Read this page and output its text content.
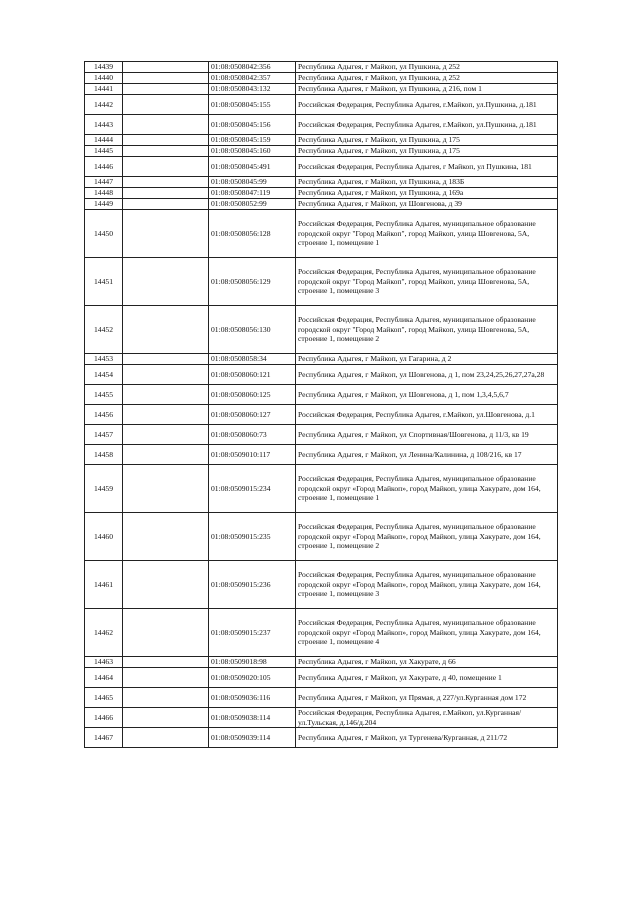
14439		01:08:0508042:356	Республика Адыгея, г Майкоп, ул Пушкина, д 252
14440		01:08:0508042:357	Республика Адыгея, г Майкоп, ул Пушкина, д 252
14441		01:08:0508043:132	Республика Адыгея, г Майкоп, ул Пушкина, д 216, пом 1
14442		01:08:0508045:155	Российская Федерация, Республика Адыгея, г.Майкоп, ул.Пушкина, д.181
14443		01:08:0508045:156	Российская Федерация, Республика Адыгея, г.Майкоп, ул.Пушкина, д.181
14444		01:08:0508045:159	Республика Адыгея, г Майкоп, ул Пушкина, д 175
14445		01:08:0508045:160	Республика Адыгея, г Майкоп, ул Пушкина, д 175
14446		01:08:0508045:491	Российская Федерация, Республика Адыгея, г Майкоп, ул Пушкина, 181
14447		01:08:0508045:99	Республика Адыгея, г Майкоп, ул Пушкина, д 183Б
14448		01:08:0508047:119	Республика Адыгея, г Майкоп, ул Пушкина, д 169а
14449		01:08:0508052:99	Республика Адыгея, г Майкоп, ул Шовгенова, д 39
14450		01:08:0508056:128	Российская Федерация, Республика Адыгея, муниципальное образование городской округ "Город Майкоп", город Майкоп, улица Шовгенова, 5А, строение 1, помещение 1
14451		01:08:0508056:129	Российская Федерация, Республика Адыгея, муниципальное образование городской округ "Город Майкоп", город Майкоп, улица Шовгенова, 5А, строение 1, помещение 3
14452		01:08:0508056:130	Российская Федерация, Республика Адыгея, муниципальное образование городской округ "Город Майкоп", город Майкоп, улица Шовгенова, 5А, строение 1, помещение 2
14453		01:08:0508058:34	Республика Адыгея, г Майкоп, ул Гагарина, д 2
14454		01:08:0508060:121	Республика Адыгея, г Майкоп, ул Шовгенова, д 1, пом 23,24,25,26,27,27а,28
14455		01:08:0508060:125	Республика Адыгея, г Майкоп, ул Шовгенова, д 1, пом 1,3,4,5,6,7
14456		01:08:0508060:127	Российская Федерация, Республика Адыгея, г.Майкоп, ул.Шовгенова, д.1
14457		01:08:0508060:73	Республика Адыгея, г Майкоп, ул Спортивная/Шовгенова, д 11/3, кв 19
14458		01:08:0509010:117	Республика Адыгея, г Майкоп, ул Ленина/Калинина, д 108/216, кв 17
14459		01:08:0509015:234	Российская Федерация, Республика Адыгея, муниципальное образование городской округ «Город Майкоп», город Майкоп, улица Хакурате, дом 164, строение 1, помещение 1
14460		01:08:0509015:235	Российская Федерация, Республика Адыгея, муниципальное образование городской округ «Город Майкоп», город Майкоп, улица Хакурате, дом 164, строение 1, помещение 2
14461		01:08:0509015:236	Российская Федерация, Республика Адыгея, муниципальное образование городской округ «Город Майкоп», город Майкоп, улица Хакурате, дом 164, строение 1, помещение 3
14462		01:08:0509015:237	Российская Федерация, Республика Адыгея, муниципальное образование городской округ «Город Майкоп», город Майкоп, улица Хакурате, дом 164, строение 1, помещение 4
14463		01:08:0509018:98	Республика Адыгея, г Майкоп, ул Хакурате, д 66
14464		01:08:0509020:105	Республика Адыгея, г Майкоп, ул Хакурате, д 40, помещение 1
14465		01:08:0509036:116	Республика Адыгея, г Майкоп, ул Прямая, д 227/ул.Курганная дом 172
14466		01:08:0509038:114	Российская Федерация, Республика Адыгея, г.Майкоп, ул.Курганная/ул.Тульская, д.146/д.204
14467		01:08:0509039:114	Республика Адыгея, г Майкоп, ул Тургенева/Курганная, д 211/72
